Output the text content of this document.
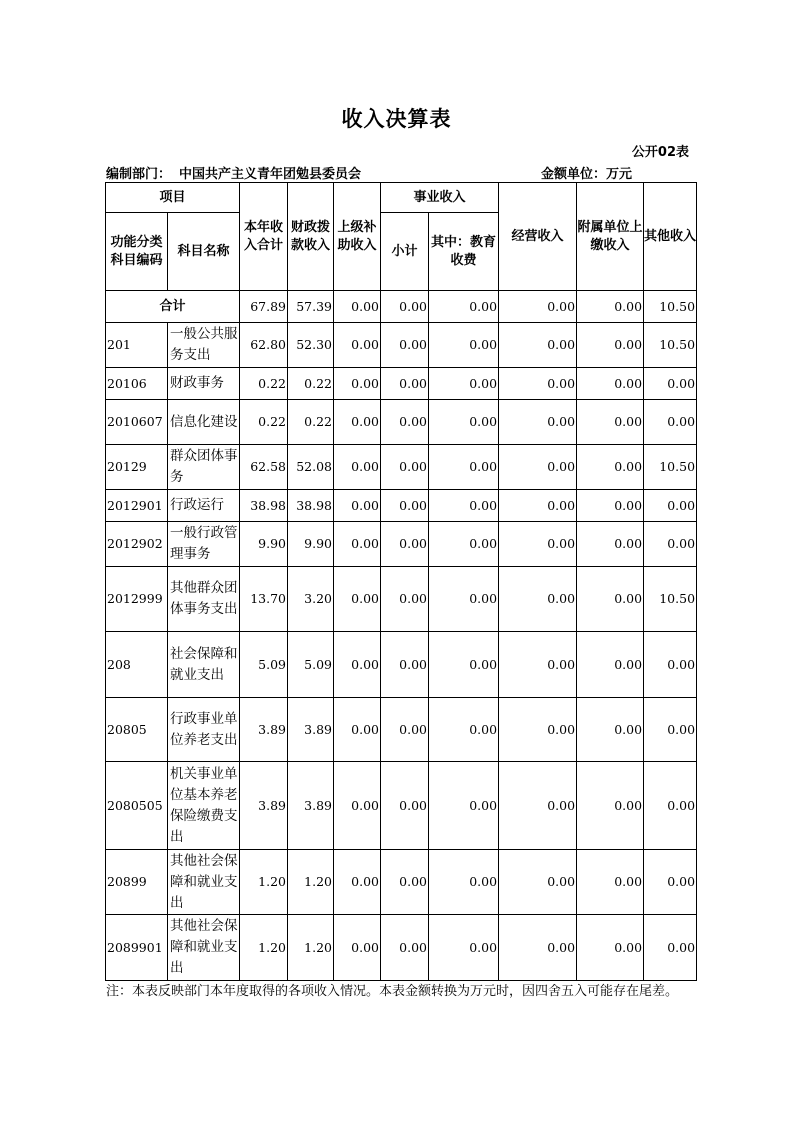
收入决算表
公开02表
编制部门： 中国共产主义青年团勉县委员会	金额单位：万元
项目		本年收入合计	财政拨款收入	上级补助收入	事业收入		经营收入	附属单位上缴收入	其他收入
功能分类科目编码	科目名称				小计	其中：教育收费			
合计		67.89	57.39	0.00	0.00	0.00	0.00	0.00	10.50
201	一般公共服务支出	62.80	52.30	0.00	0.00	0.00	0.00	0.00	10.50
20106	财政事务	0.22	0.22	0.00	0.00	0.00	0.00	0.00	0.00
2010607	信息化建设	0.22	0.22	0.00	0.00	0.00	0.00	0.00	0.00
20129	群众团体事务	62.58	52.08	0.00	0.00	0.00	0.00	0.00	10.50
2012901	行政运行	38.98	38.98	0.00	0.00	0.00	0.00	0.00	0.00
2012902	一般行政管理事务	9.90	9.90	0.00	0.00	0.00	0.00	0.00	0.00
2012999	其他群众团体事务支出	13.70	3.20	0.00	0.00	0.00	0.00	0.00	10.50
208	社会保障和就业支出	5.09	5.09	0.00	0.00	0.00	0.00	0.00	0.00
20805	行政事业单位养老支出	3.89	3.89	0.00	0.00	0.00	0.00	0.00	0.00
2080505	机关事业单位基本养老保险缴费支出	3.89	3.89	0.00	0.00	0.00	0.00	0.00	0.00
20899	其他社会保障和就业支出	1.20	1.20	0.00	0.00	0.00	0.00	0.00	0.00
2089901	其他社会保障和就业支出	1.20	1.20	0.00	0.00	0.00	0.00	0.00	0.00
注：本表反映部门本年度取得的各项收入情况。本表金额转换为万元时，因四舍五入可能存在尾差。
